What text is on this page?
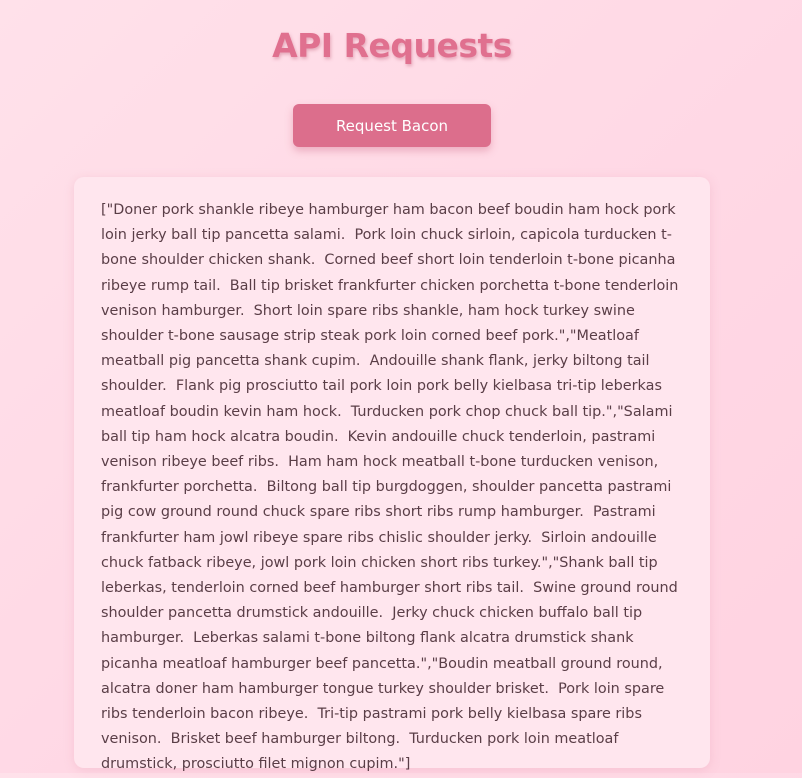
API Requests
Request Bacon

["Doner pork shankle ribeye hamburger ham bacon beef boudin ham hock pork loin jerky ball tip pancetta salami.  Pork loin chuck sirloin, capicola turducken t-bone shoulder chicken shank.  Corned beef short loin tenderloin t-bone picanha ribeye rump tail.  Ball tip brisket frankfurter chicken porchetta t-bone tenderloin venison hamburger.  Short loin spare ribs shankle, ham hock turkey swine shoulder t-bone sausage strip steak pork loin corned beef pork.","Meatloaf meatball pig pancetta shank cupim.  Andouille shank flank, jerky biltong tail shoulder.  Flank pig prosciutto tail pork loin pork belly kielbasa tri-tip leberkas meatloaf boudin kevin ham hock.  Turducken pork chop chuck ball tip.","Salami ball tip ham hock alcatra boudin.  Kevin andouille chuck tenderloin, pastrami venison ribeye beef ribs.  Ham ham hock meatball t-bone turducken venison, frankfurter porchetta.  Biltong ball tip burgdoggen, shoulder pancetta pastrami pig cow ground round chuck spare ribs short ribs rump hamburger.  Pastrami frankfurter ham jowl ribeye spare ribs chislic shoulder jerky.  Sirloin andouille chuck fatback ribeye, jowl pork loin chicken short ribs turkey.","Shank ball tip leberkas, tenderloin corned beef hamburger short ribs tail.  Swine ground round shoulder pancetta drumstick andouille.  Jerky chuck chicken buffalo ball tip hamburger.  Leberkas salami t-bone biltong flank alcatra drumstick shank picanha meatloaf hamburger beef pancetta.","Boudin meatball ground round, alcatra doner ham hamburger tongue turkey shoulder brisket.  Pork loin spare ribs tenderloin bacon ribeye.  Tri-tip pastrami pork belly kielbasa spare ribs venison.  Brisket beef hamburger biltong.  Turducken pork loin meatloaf drumstick, prosciutto filet mignon cupim."]
